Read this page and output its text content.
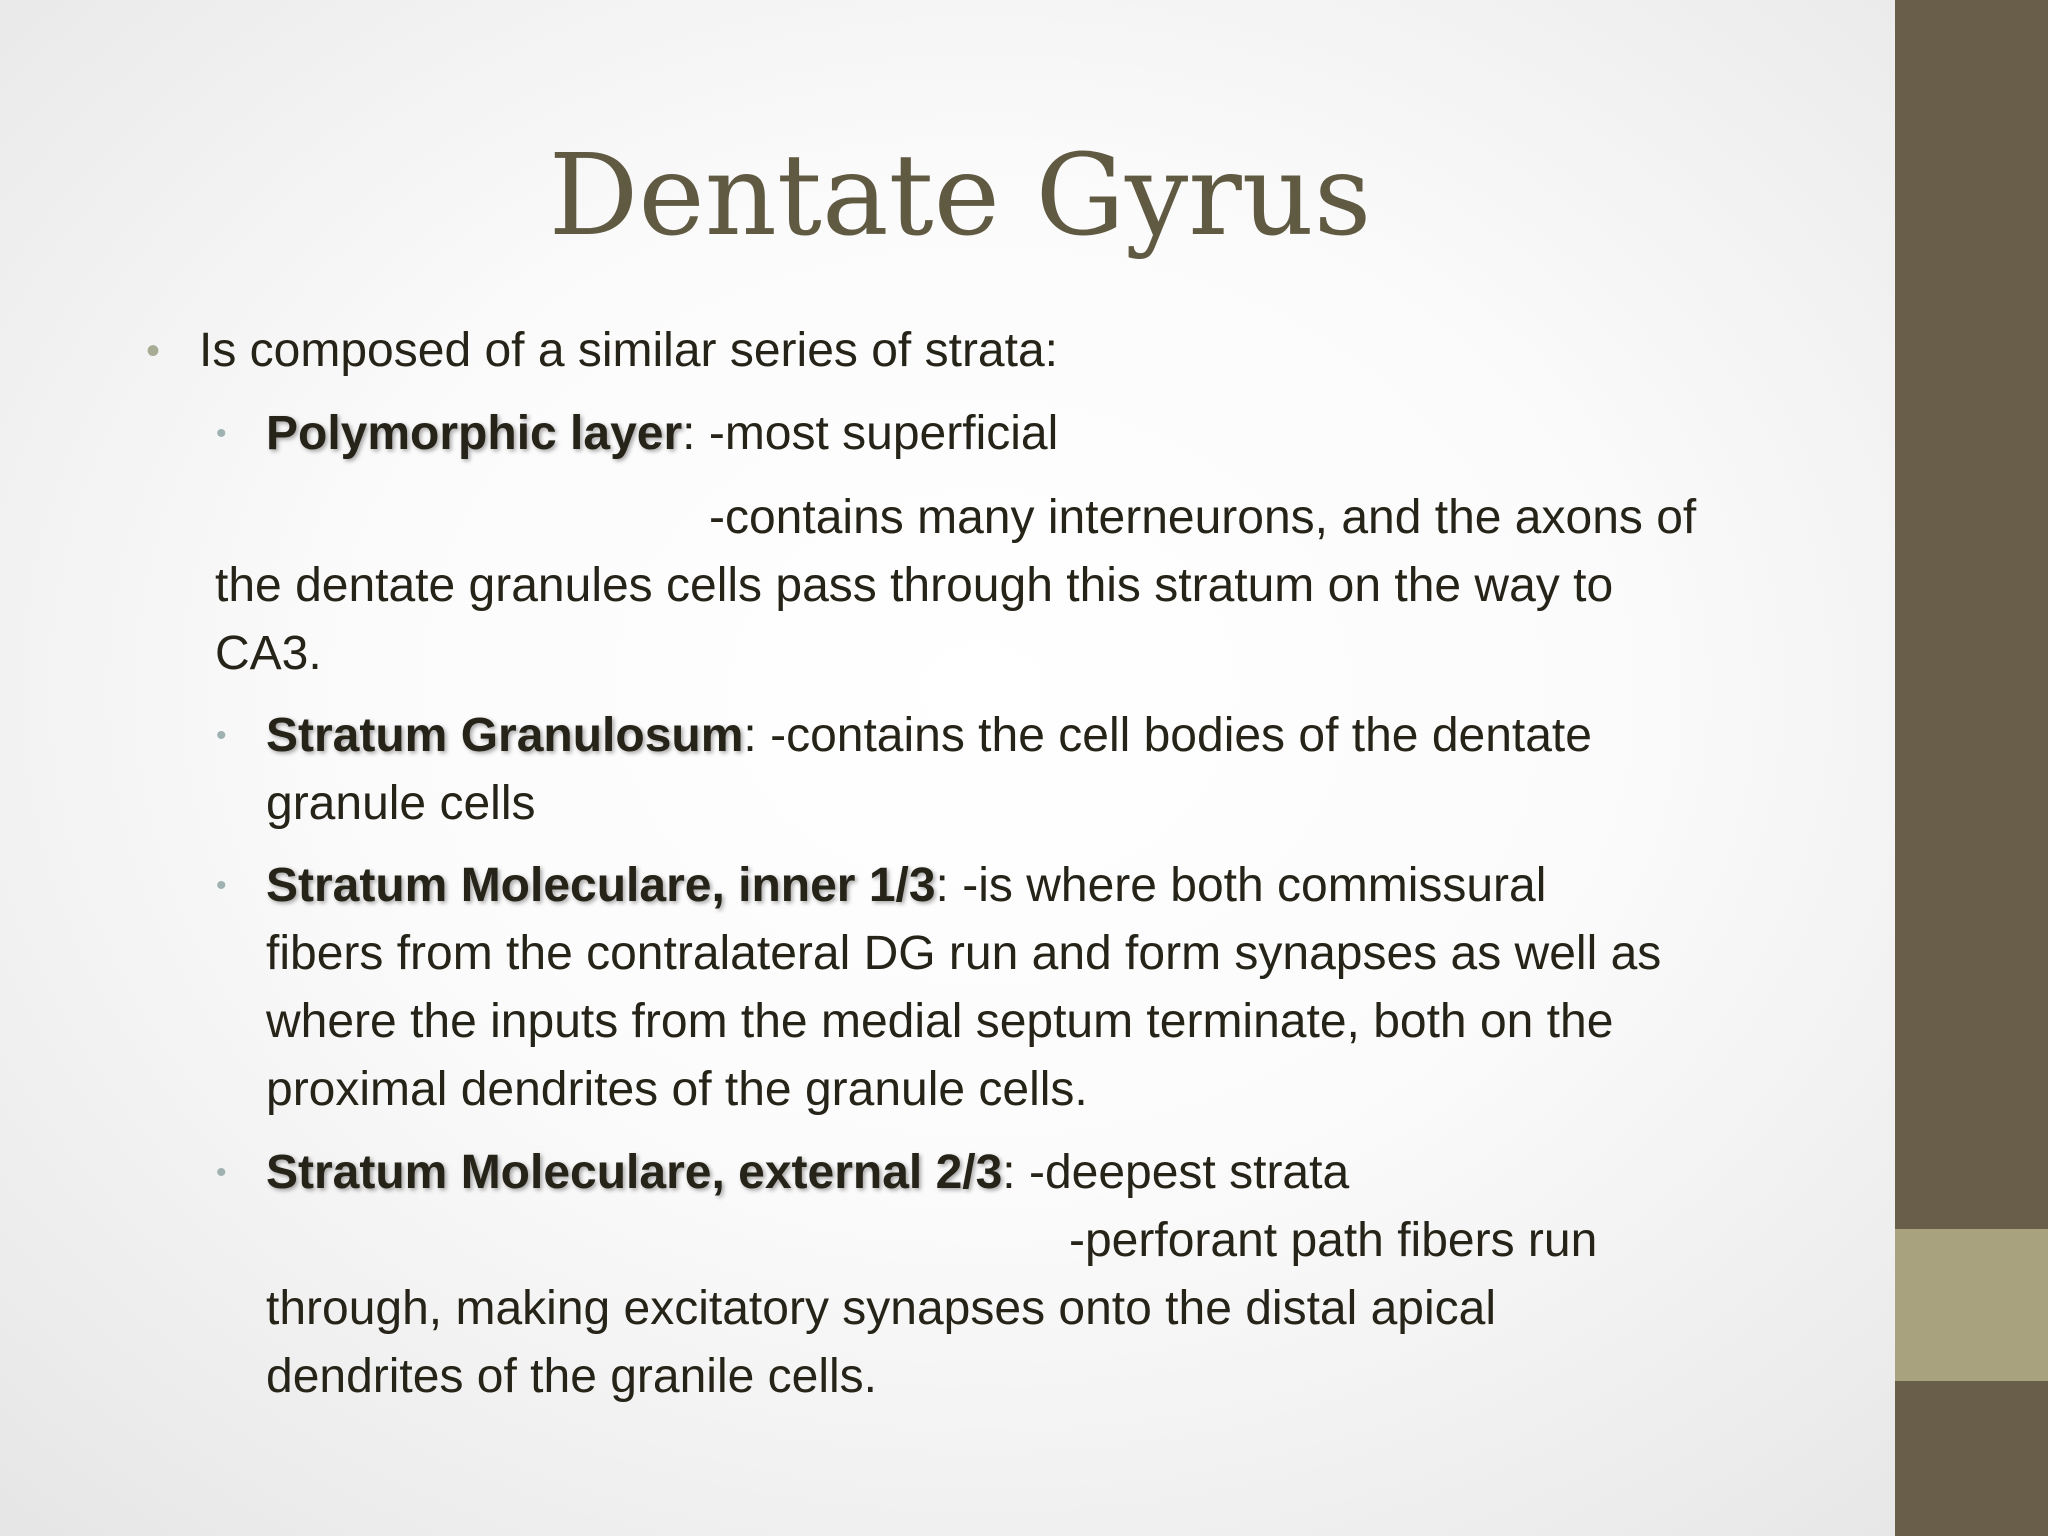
Dentate Gyrus
• Is composed of a similar series of strata:
• Polymorphic layer: -most superficial
-contains many interneurons, and the axons of
the dentate granules cells pass through this stratum on the way to
CA3.
• Stratum Granulosum: -contains the cell bodies of the dentate
granule cells
• Stratum Moleculare, inner 1/3: -is where both commissural
fibers from the contralateral DG run and form synapses as well as
where the inputs from the medial septum terminate, both on the
proximal dendrites of the granule cells.
• Stratum Moleculare, external 2/3: -deepest strata
-perforant path fibers run
through, making excitatory synapses onto the distal apical
dendrites of the granile cells.
